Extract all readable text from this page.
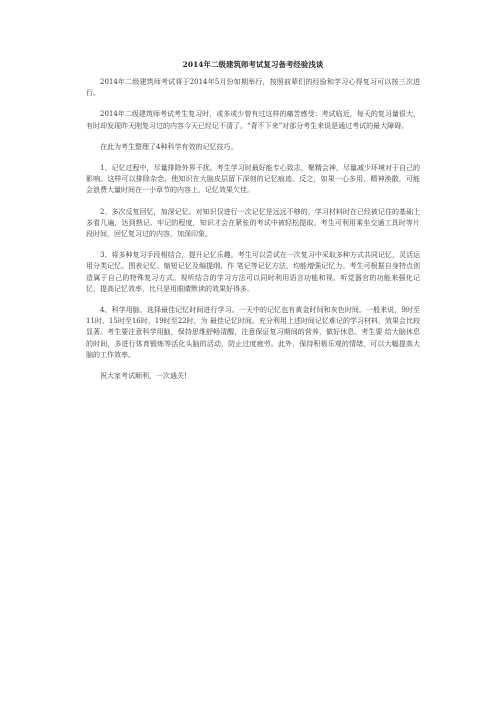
2014年二级建筑师考试复习备考经验浅谈

2014年二级建筑师考试将于2014年5月份如期举行，按照前辈们的经验和学习心得复习可以按三次进行。

2014年二级建筑师考试考生复习时，或多或少曾有过这样的痛苦感受：考试临近，每天的复习量很大，有时却发现昨天刚复习过的内容今天已经记不清了。“背不下来”对部分考生来说是通过考试的最大障碍。

在此为考生整理了4种科学有效的记忆技巧。

1、记忆过程中，尽量排除外界干扰。考生学习时最好能专心致志，聚精会神，尽量减少环境对于自己的影响。这样可以排除杂念，使知识在大脑皮层留下深刻的记忆痕迹。反之，如果一心多用，精神涣散，可能会浪费大量时间在一小章节的内容上，记忆效果欠佳。

2、多次反复回忆，加深记忆。对知识仅进行一次记忆是远远不够的，学习材料时在已经被记住的基础上多看几遍，达到熟记、牢记的程度，知识才会在紧张的考试中被轻松提取。考生可利用乘坐交通工具时等片段时间，回忆复习过的内容，加深印象。

3、将多种复习手段相结合，提升记忆乐趣。考生可以尝试在一次复习中采取多种方式共同记忆，灵活运用分类记忆、图表记忆、缩短记忆及编提纲、作 笔记等记忆方法，均能增强记忆力。考生可根据自身特点创造属于自己的特殊复习方式。视听结合的学习方法可以同时利用语言功能和视、听觉器官的功能来强化记 忆，提高记忆效率，比只是用眼睛默读的效果好得多。

4、科学用脑，选择最佳记忆时间进行学习。一天中的记忆也有黄金时间和灰色时间。一般来说，9时至11时、15时至16时、19时至22时，为 最佳记忆时间。充分利用上述时间记忆难记的学习材料，效果会比较显著。考生要注意科学用脑，保持思维舒畅清醒，注意保证复习期间的营养，做好休息。考生要 给大脑休息的时间，多进行体育锻炼等活化头脑的活动，防止过度疲劳。此外，保持积极乐观的情绪，可以大幅提高大脑的工作效率。

祝大家考试顺利，一次通关!
